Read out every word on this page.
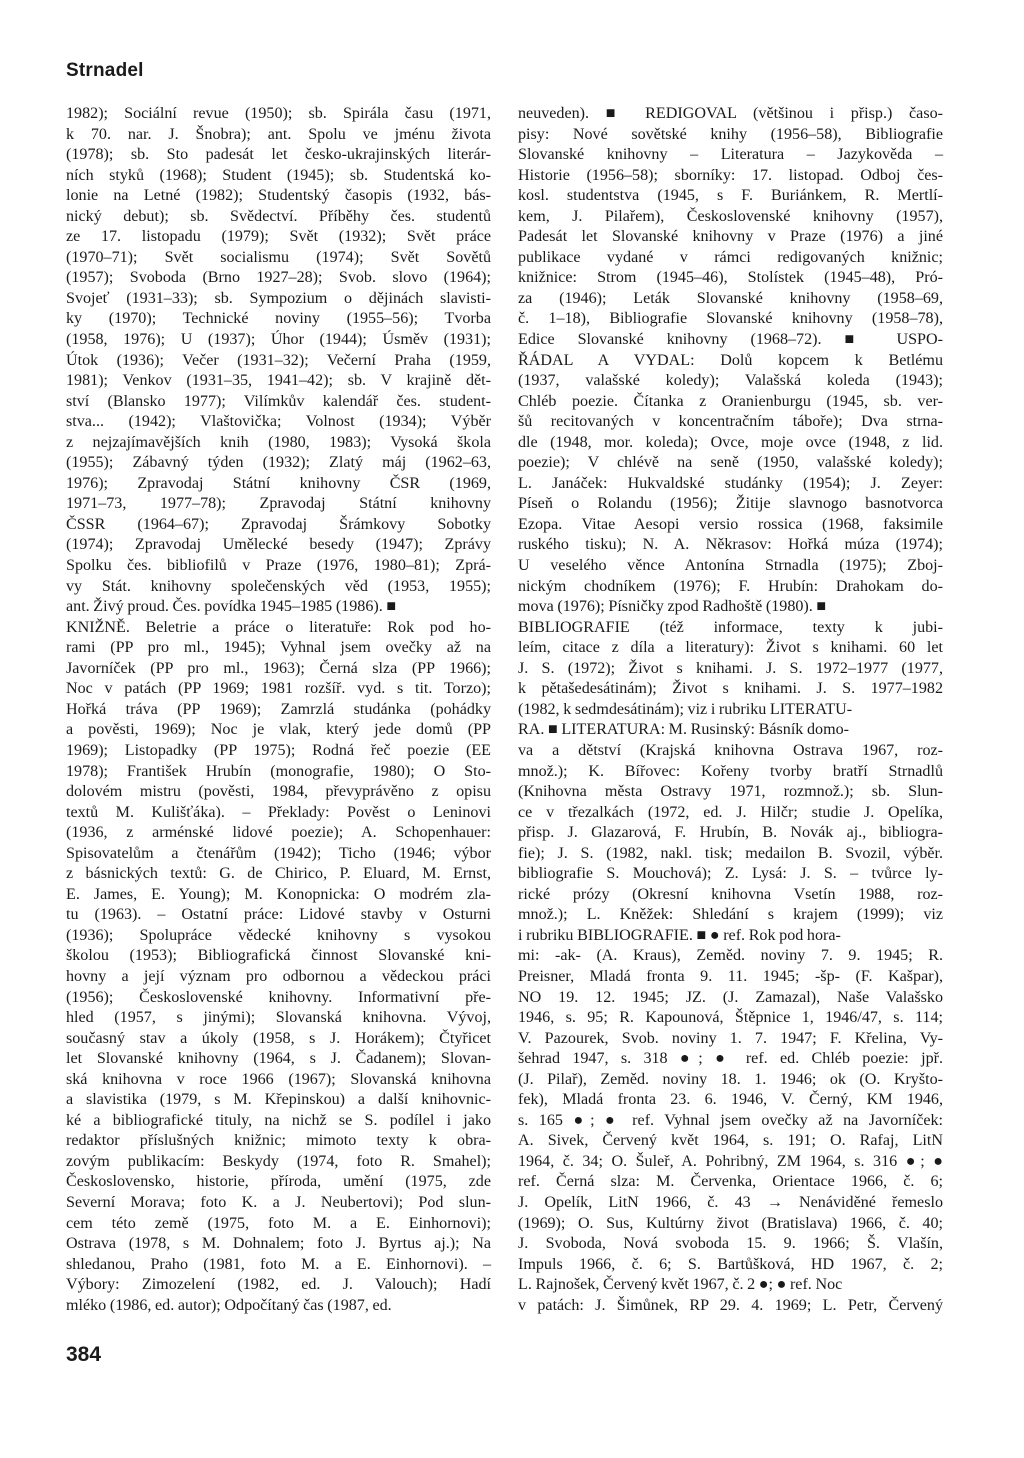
Strnadel
1982); Sociální revue (1950); sb. Spirála času (1971,
k 70. nar. J. Šnobra); ant. Spolu ve jménu života
(1978); sb. Sto padesát let česko-ukrajinských literár-
ních styků (1968); Student (1945); sb. Studentská ko-
lonie na Letné (1982); Studentský časopis (1932, bás-
nický debut); sb. Svědectví. Příběhy čes. studentů
ze 17. listopadu (1979); Svět (1932); Svět práce
(1970–71); Svět socialismu (1974); Svět Sovětů
(1957); Svoboda (Brno 1927–28); Svob. slovo (1964);
Svojeť (1931–33); sb. Sympozium o dějinách slavisti-
ky (1970); Technické noviny (1955–56); Tvorba
(1958, 1976); U (1937); Úhor (1944); Úsměv (1931);
Útok (1936); Večer (1931–32); Večerní Praha (1959,
1981); Venkov (1931–35, 1941–42); sb. V krajině dět-
ství (Blansko 1977); Vilímkův kalendář čes. student-
stva... (1942); Vlaštovička; Volnost (1934); Výběr
z nejzajímavějších knih (1980, 1983); Vysoká škola
(1955); Zábavný týden (1932); Zlatý máj (1962–63,
1976); Zpravodaj Státní knihovny ČSR (1969,
1971–73, 1977–78); Zpravodaj Státní knihovny
ČSSR (1964–67); Zpravodaj Šrámkovy Sobotky
(1974); Zpravodaj Umělecké besedy (1947); Zprávy
Spolku čes. bibliofilů v Praze (1976, 1980–81); Zprá-
vy Stát. knihovny společenských věd (1953, 1955);
ant. Živý proud. Čes. povídka 1945–1985 (1986). ■
KNIŽNĚ. Beletrie a práce o literatuře: Rok pod ho-
rami (PP pro ml., 1945); Vyhnal jsem ovečky až na
Javorníček (PP pro ml., 1963); Černá slza (PP 1966);
Noc v patách (PP 1969; 1981 rozšíř. vyd. s tit. Torzo);
Hořká tráva (PP 1969); Zamrzlá studánka (pohádky
a pověsti, 1969); Noc je vlak, který jede domů (PP
1969); Listopadky (PP 1975); Rodná řeč poezie (EE
1978); František Hrubín (monografie, 1980); O Sto-
dolovém mistru (pověsti, 1984, převyprávěno z opisu
textů M. Kulišťáka). – Překlady: Pověst o Leninovi
(1936, z arménské lidové poezie); A. Schopenhauer:
Spisovatelům a čtenářům (1942); Ticho (1946; výbor
z básnických textů: G. de Chirico, P. Eluard, M. Ernst,
E. James, E. Young); M. Konopnicka: O modrém zla-
tu (1963). – Ostatní práce: Lidové stavby v Osturni
(1936); Spolupráce vědecké knihovny s vysokou
školou (1953); Bibliografická činnost Slovanské kni-
hovny a její význam pro odbornou a vědeckou práci
(1956); Československé knihovny. Informativní pře-
hled (1957, s jinými); Slovanská knihovna. Vývoj,
současný stav a úkoly (1958, s J. Horákem); Čtyřicet
let Slovanské knihovny (1964, s J. Čadanem); Slovan-
ská knihovna v roce 1966 (1967); Slovanská knihovna
a slavistika (1979, s M. Křepinskou) a další knihovnic-
ké a bibliografické tituly, na nichž se S. podílel i jako
redaktor příslušných knižnic; mimoto texty k obra-
zovým publikacím: Beskydy (1974, foto R. Smahel);
Československo, historie, příroda, umění (1975, zde
Severní Morava; foto K. a J. Neubertovi); Pod slun-
cem této země (1975, foto M. a E. Einhornovi);
Ostrava (1978, s M. Dohnalem; foto J. Byrtus aj.); Na
shledanou, Praho (1981, foto M. a E. Einhornovi). –
Výbory: Zimozelení (1982, ed. J. Valouch); Hadí
mléko (1986, ed. autor); Odpočítaný čas (1987, ed.
neuveden). ■ REDIGOVAL (většinou i přisp.) časo-
pisy: Nové sovětské knihy (1956–58), Bibliografie
Slovanské knihovny – Literatura – Jazykověda –
Historie (1956–58); sborníky: 17. listopad. Odboj čes-
kosl. studentstva (1945, s F. Buriánkem, R. Mertlí-
kem, J. Pilařem), Československé knihovny (1957),
Padesát let Slovanské knihovny v Praze (1976) a jiné
publikace vydané v rámci redigovaných knižnic;
knižnice: Strom (1945–46), Stolístek (1945–48), Pró-
za (1946); Leták Slovanské knihovny (1958–69,
č. 1–18), Bibliografie Slovanské knihovny (1958–78),
Edice Slovanské knihovny (1968–72). ■ USPO-
ŘÁDAL A VYDAL: Dolů kopcem k Betlému
(1937, valašské koledy); Valašská koleda (1943);
Chléb poezie. Čítanka z Oranienburgu (1945, sb. ver-
šů recitovaných v koncentračním táboře); Dva strna-
dle (1948, mor. koleda); Ovce, moje ovce (1948, z lid.
poezie); V chlévě na seně (1950, valašské koledy);
L. Janáček: Hukvaldské studánky (1954); J. Zeyer:
Píseň o Rolandu (1956); Žitije slavnogo basnotvorca
Ezopa. Vitae Aesopi versio rossica (1968, faksimile
ruského tisku); N. A. Někrasov: Hořká múza (1974);
U veselého věnce Antonína Strnadla (1975); Zboj-
nickým chodníkem (1976); F. Hrubín: Drahokam do-
mova (1976); Písničky zpod Radhoště (1980). ■
BIBLIOGRAFIE (též informace, texty k jubi-
leím, citace z díla a literatury): Život s knihami. 60 let
J. S. (1972); Život s knihami. J. S. 1972–1977 (1977,
k pětašedesátinám); Život s knihami. J. S. 1977–1982
(1982, k sedmdesátinám); viz i rubriku LITERATU-
RA. ■ LITERATURA: M. Rusinský: Básník domo-
va a dětství (Krajská knihovna Ostrava 1967, roz-
množ.); K. Bířovec: Kořeny tvorby bratří Strnadlů
(Knihovna města Ostravy 1971, rozmnož.); sb. Slun-
ce v třezalkách (1972, ed. J. Hilčr; studie J. Opelíka,
přisp. J. Glazarová, F. Hrubín, B. Novák aj., bibliogra-
fie); J. S. (1982, nakl. tisk; medailon B. Svozil, výběr.
bibliografie S. Mouchová); Z. Lysá: J. S. – tvůrce ly-
rické prózy (Okresní knihovna Vsetín 1988, roz-
množ.); L. Kněžek: Shledání s krajem (1999); viz
i rubriku BIBLIOGRAFIE. ■ ● ref. Rok pod hora-
mi: -ak- (A. Kraus), Zeměd. noviny 7. 9. 1945; R.
Preisner, Mladá fronta 9. 11. 1945; -šp- (F. Kašpar),
NO 19. 12. 1945; JZ. (J. Zamazal), Naše Valašsko
1946, s. 95; R. Kapounová, Štěpnice 1, 1946/47, s. 114;
V. Pazourek, Svob. noviny 1. 7. 1947; F. Křelina, Vy-
šehrad 1947, s. 318 ●; ● ref. ed. Chléb poezie: jpř.
(J. Pilař), Zeměd. noviny 18. 1. 1946; ok (O. Kryšto-
fek), Mladá fronta 23. 6. 1946, V. Černý, KM 1946,
s. 165 ●; ● ref. Vyhnal jsem ovečky až na Javorníček:
A. Sivek, Červený květ 1964, s. 191; O. Rafaj, LitN
1964, č. 34; O. Šuleř, A. Pohribný, ZM 1964, s. 316 ●; ●
ref. Černá slza: M. Červenka, Orientace 1966, č. 6;
J. Opelík, LitN 1966, č. 43 → Nenáviděné řemeslo
(1969); O. Sus, Kultúrny život (Bratislava) 1966, č. 40;
J. Svoboda, Nová svoboda 15. 9. 1966; Š. Vlašín,
Impuls 1966, č. 6; S. Bartůšková, HD 1967, č. 2;
L. Rajnošek, Červený květ 1967, č. 2 ●; ● ref. Noc
v patách: J. Šimůnek, RP 29. 4. 1969; L. Petr, Červený
384
